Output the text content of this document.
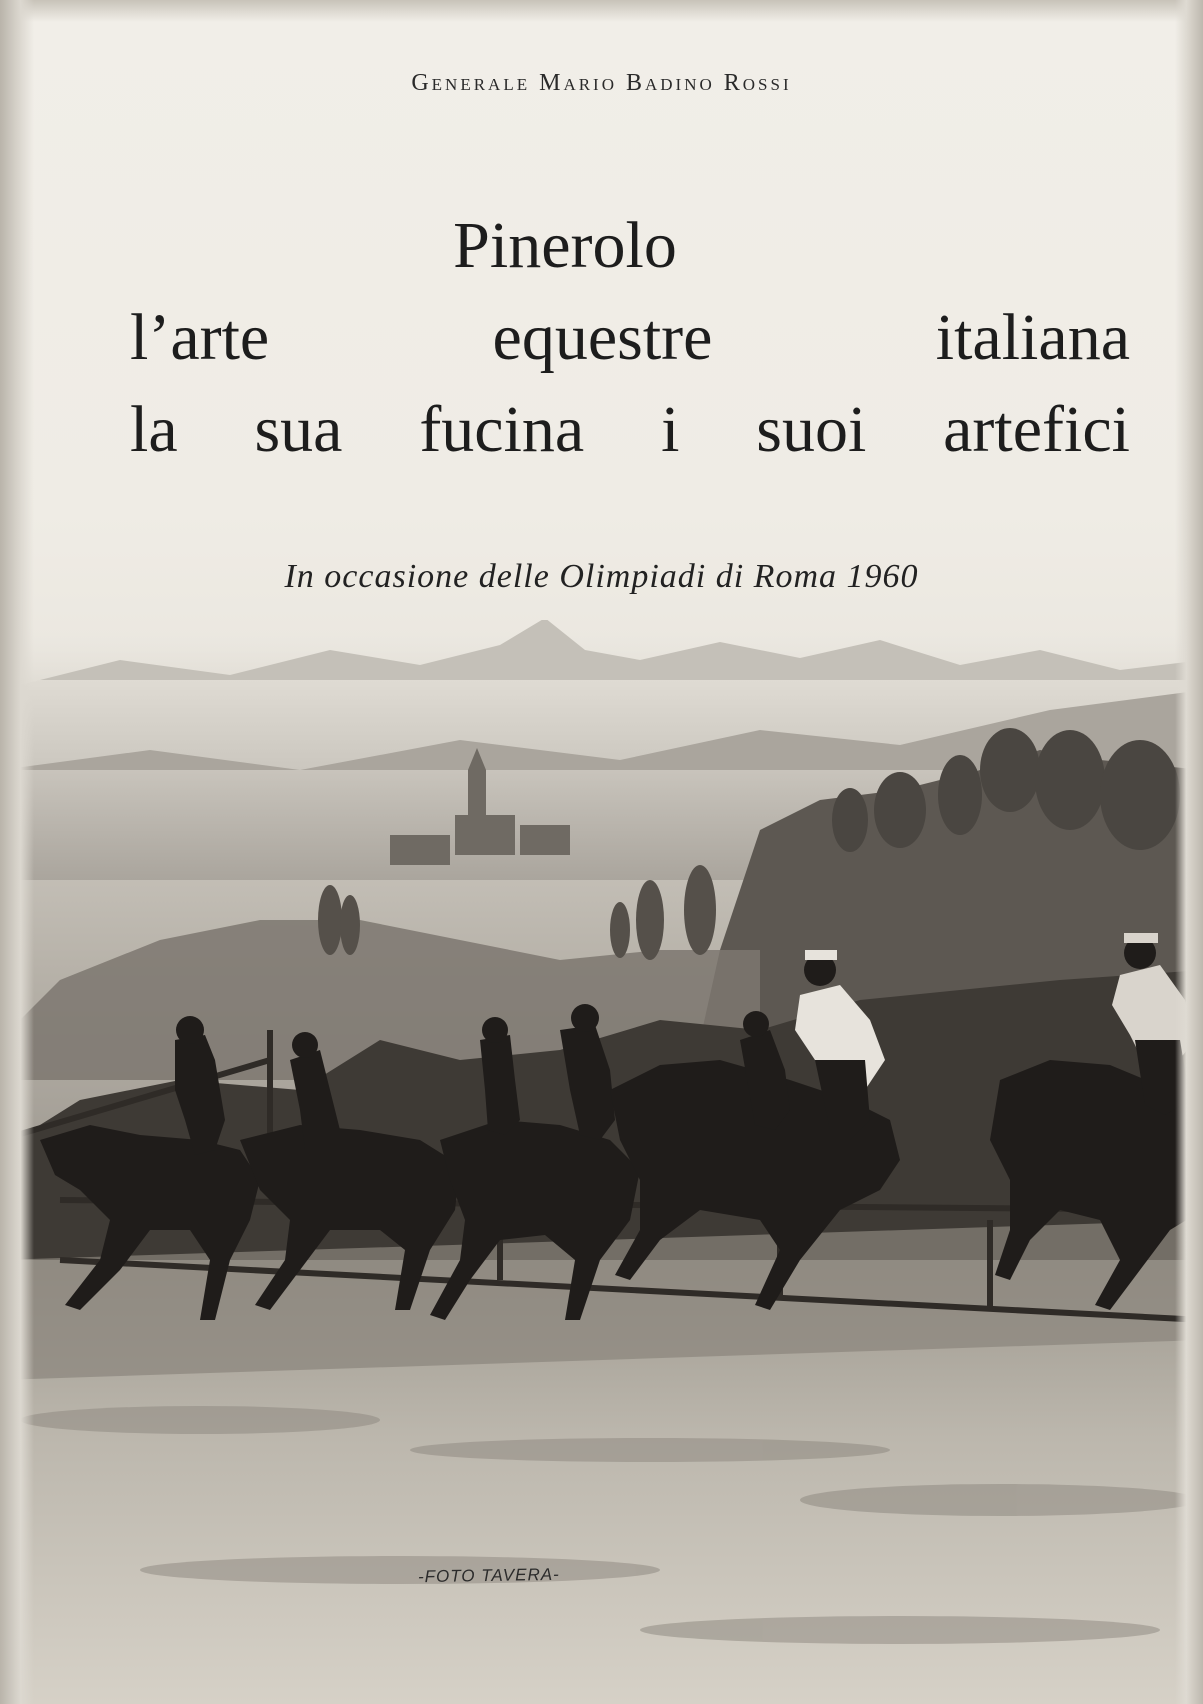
Generale Mario Badino Rossi
Pinerolo
l’arte equestre italiana
la sua fucina i suoi artefici
In occasione delle Olimpiadi di Roma 1960
-FOTO TAVERA-
